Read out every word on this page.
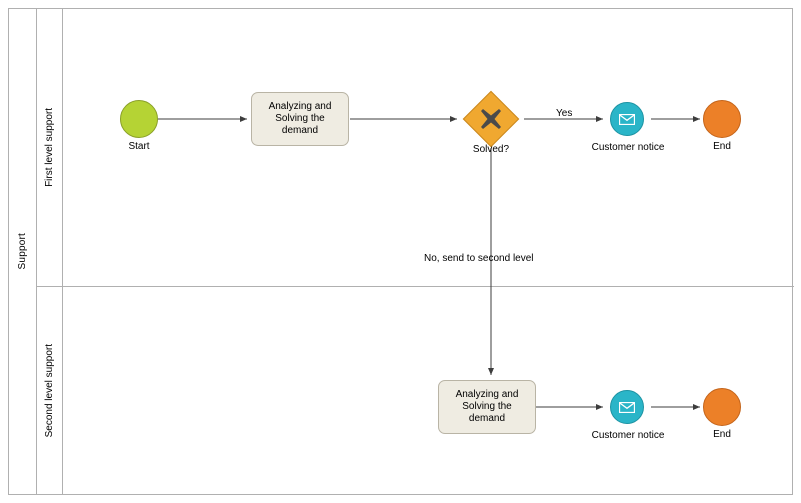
Support
First level support
Second level support
Start
Analyzing and Solving the demand
Solved?
Yes
No, send to second level
Customer notice	End
Analyzing and Solving the demand
Customer notice	End
